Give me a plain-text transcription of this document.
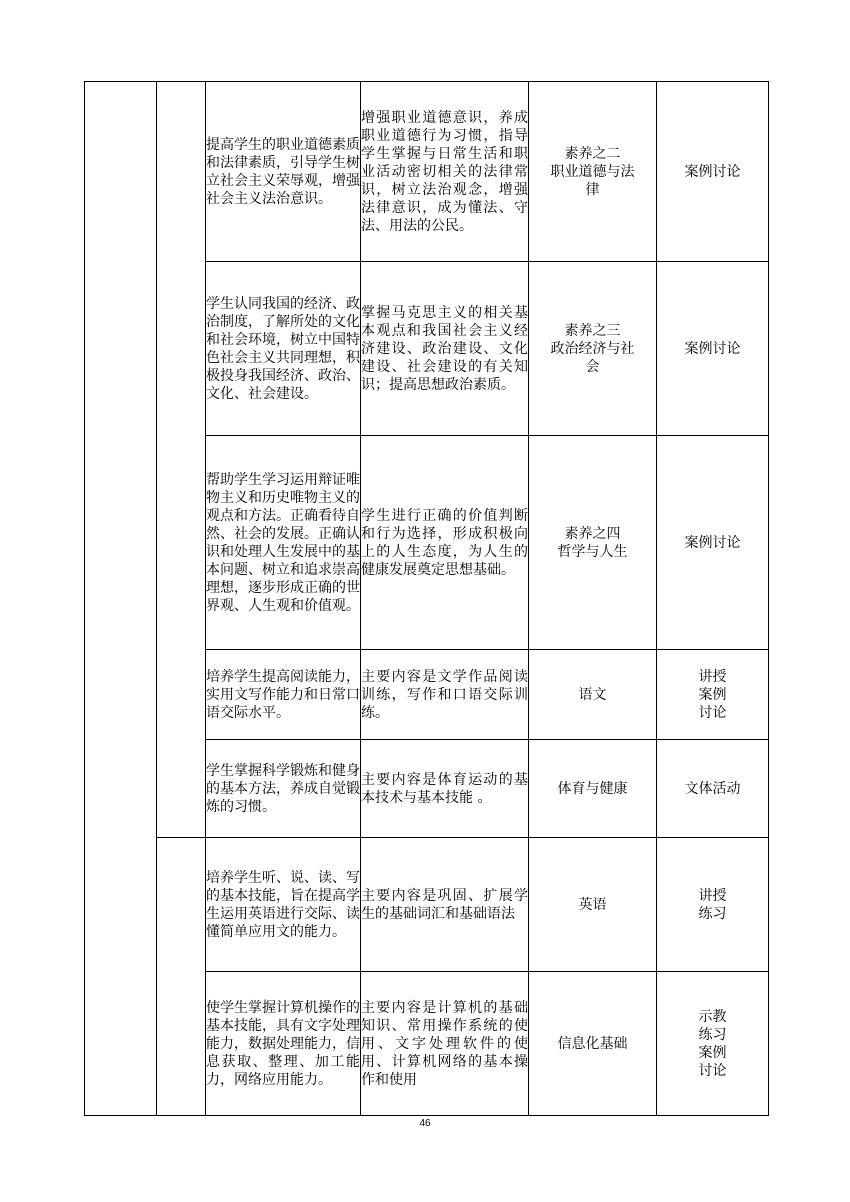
		提高学生的职业道德素质和法律素质，引导学生树立社会主义荣辱观，增强社会主义法治意识。	增强职业道德意识，养成职业道德行为习惯，指导学生掌握与日常生活和职业活动密切相关的法律常识，树立法治观念，增强法律意识，成为懂法、守法、用法的公民。	素养之二
职业道德与法
律	案例讨论

		学生认同我国的经济、政治制度，了解所处的文化和社会环境，树立中国特色社会主义共同理想，积极投身我国经济、政治、文化、社会建设。	掌握马克思主义的相关基本观点和我国社会主义经济建设、政治建设、文化建设、社会建设的有关知识；提高思想政治素质。	素养之三
政治经济与社
会	案例讨论

		帮助学生学习运用辩证唯物主义和历史唯物主义的观点和方法。正确看待自然、社会的发展。正确认识和处理人生发展中的基本问题、树立和追求崇高理想，逐步形成正确的世界观、人生观和价值观。	学生进行正确的价值判断和行为选择，形成积极向上的人生态度，为人生的健康发展奠定思想基础。	素养之四
哲学与人生	案例讨论

		培养学生提高阅读能力，实用文写作能力和日常口语交际水平。	主要内容是文学作品阅读训练，写作和口语交际训练。	语文	讲授
案例
讨论

		学生掌握科学锻炼和健身的基本方法，养成自觉锻炼的习惯。	主要内容是体育运动的基本技术与基本技能 。	体育与健康	文体活动

		培养学生听、说、读、写的基本技能，旨在提高学生运用英语进行交际、读懂简单应用文的能力。	主要内容是巩固、扩展学生的基础词汇和基础语法	英语	讲授
练习

		使学生掌握计算机操作的基本技能，具有文字处理能力，数据处理能力，信息获取、整理、加工能力，网络应用能力。	主要内容是计算机的基础知识、常用操作系统的使用、文字处理软件的使用、计算机网络的基本操作和使用	信息化基础	示教
练习
案例
讨论
46
